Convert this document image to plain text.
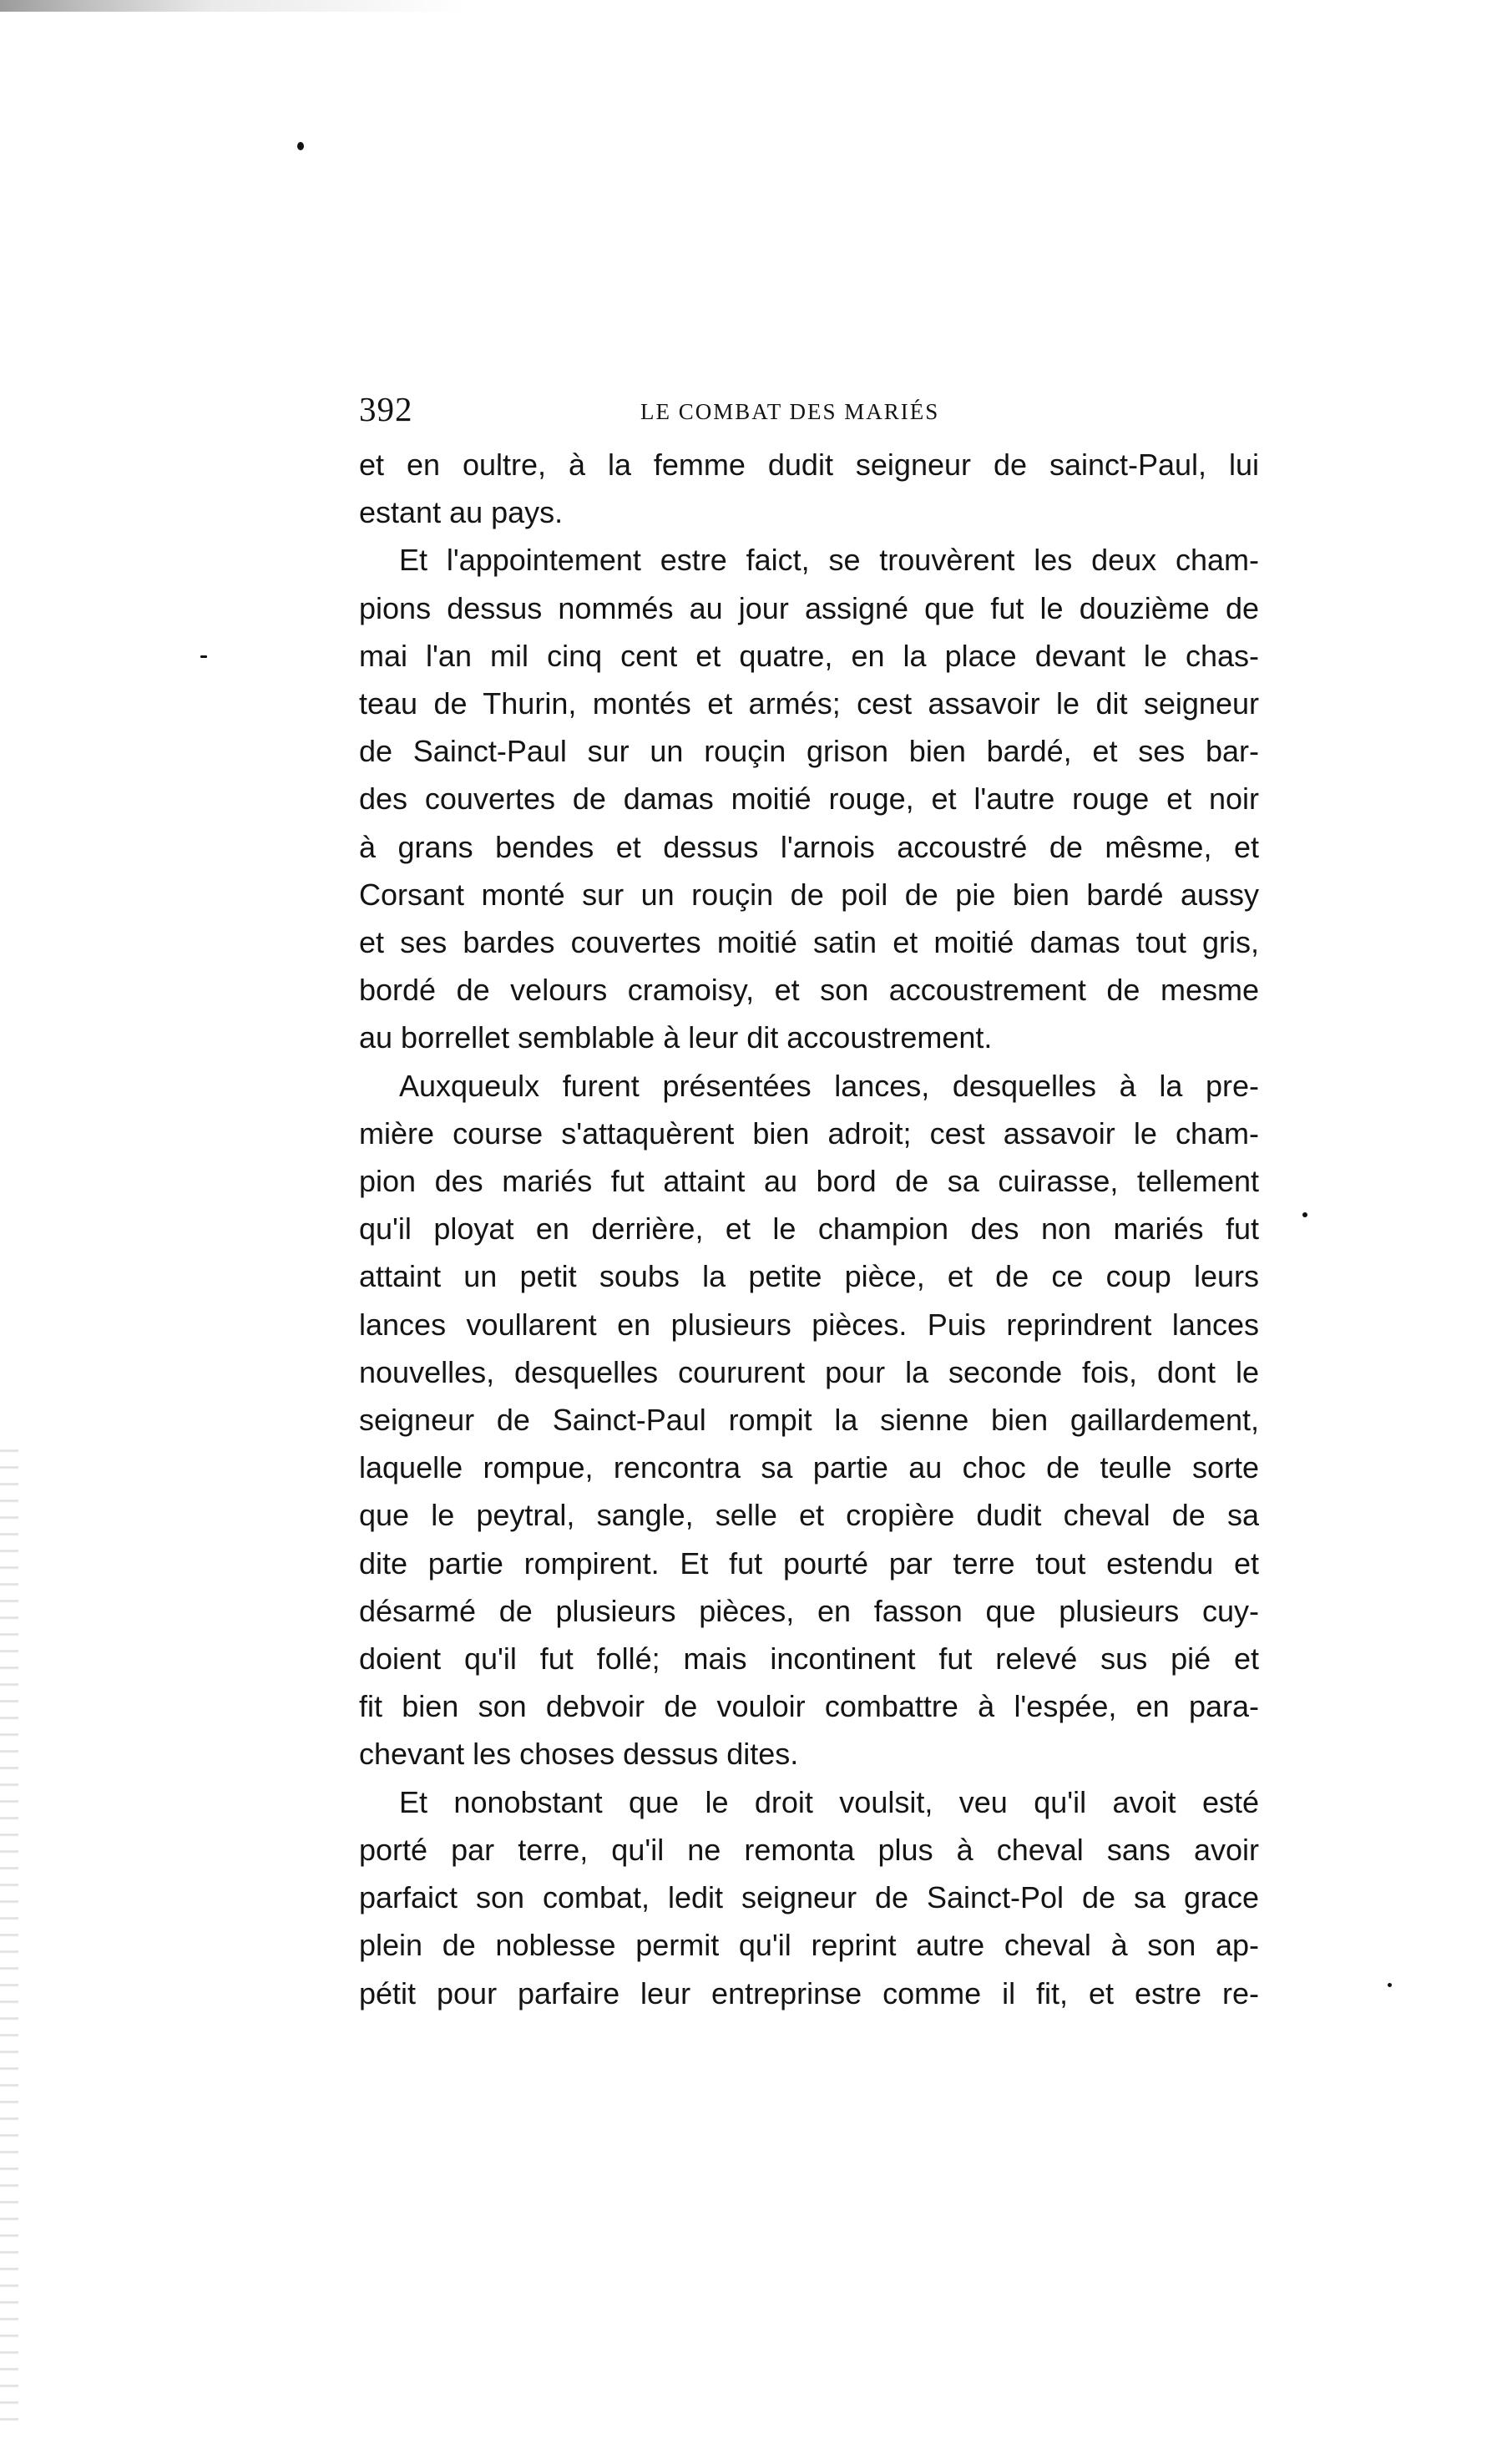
392	LE COMBAT DES MARIÉS
et en oultre, à la femme dudit seigneur de sainct-Paul, lui
estant au pays.
Et l'appointement estre faict, se trouvèrent les deux cham-
pions dessus nommés au jour assigné que fut le douzième de
mai l'an mil cinq cent et quatre, en la place devant le chas-
teau de Thurin, montés et armés; cest assavoir le dit seigneur
de Sainct-Paul sur un rouçin grison bien bardé, et ses bar-
des couvertes de damas moitié rouge, et l'autre rouge et noir
à grans bendes et dessus l'arnois accoustré de mêsme, et
Corsant monté sur un rouçin de poil de pie bien bardé aussy
et ses bardes couvertes moitié satin et moitié damas tout gris,
bordé de velours cramoisy, et son accoustrement de mesme
au borrellet semblable à leur dit accoustrement.
Auxqueulx furent présentées lances, desquelles à la pre-
mière course s'attaquèrent bien adroit; cest assavoir le cham-
pion des mariés fut attaint au bord de sa cuirasse, tellement
qu'il ployat en derrière, et le champion des non mariés fut
attaint un petit soubs la petite pièce, et de ce coup leurs
lances voullarent en plusieurs pièces. Puis reprindrent lances
nouvelles, desquelles coururent pour la seconde fois, dont le
seigneur de Sainct-Paul rompit la sienne bien gaillardement,
laquelle rompue, rencontra sa partie au choc de teulle sorte
que le peytral, sangle, selle et cropière dudit cheval de sa
dite partie rompirent. Et fut pourté par terre tout estendu et
désarmé de plusieurs pièces, en fasson que plusieurs cuy-
doient qu'il fut follé; mais incontinent fut relevé sus pié et
fit bien son debvoir de vouloir combattre à l'espée, en para-
chevant les choses dessus dites.
Et nonobstant que le droit voulsit, veu qu'il avoit esté
porté par terre, qu'il ne remonta plus à cheval sans avoir
parfaict son combat, ledit seigneur de Sainct-Pol de sa grace
plein de noblesse permit qu'il reprint autre cheval à son ap-
pétit pour parfaire leur entreprinse comme il fit, et estre re-
